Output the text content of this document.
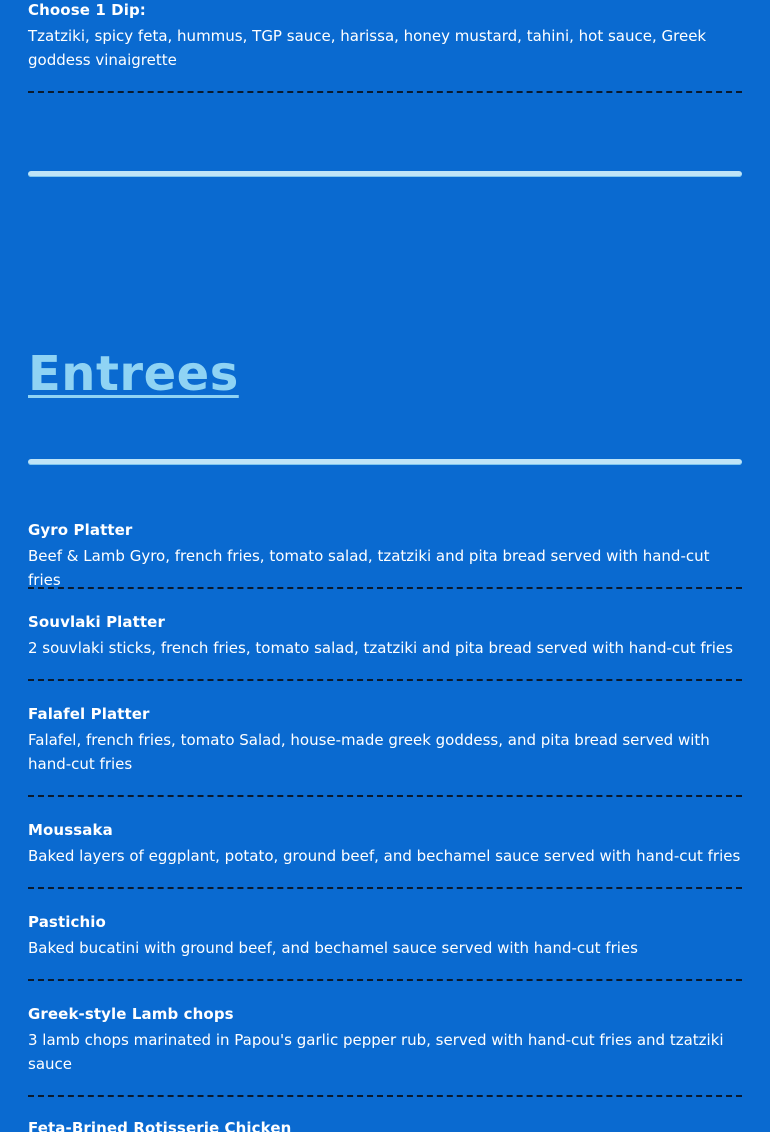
Choose 1 Dip:
Tzatziki, spicy feta, hummus, TGP sauce, harissa, honey mustard, tahini, hot sauce, Greek goddess vinaigrette
Entrees
Gyro Platter
Beef & Lamb Gyro, french fries, tomato salad, tzatziki and pita bread served with hand-cut fries
Souvlaki Platter
2 souvlaki sticks, french fries, tomato salad, tzatziki and pita bread served with hand-cut fries
Falafel Platter
Falafel, french fries, tomato Salad, house-made greek goddess, and pita bread served with hand-cut fries
Moussaka
Baked layers of eggplant, potato, ground beef, and bechamel sauce served with hand-cut fries
Pastichio
Baked bucatini with ground beef, and bechamel sauce served with hand-cut fries
Greek-style Lamb chops
3 lamb chops marinated in Papou's garlic pepper rub, served with hand-cut fries and tzatziki sauce
Feta-Brined Rotisserie Chicken
